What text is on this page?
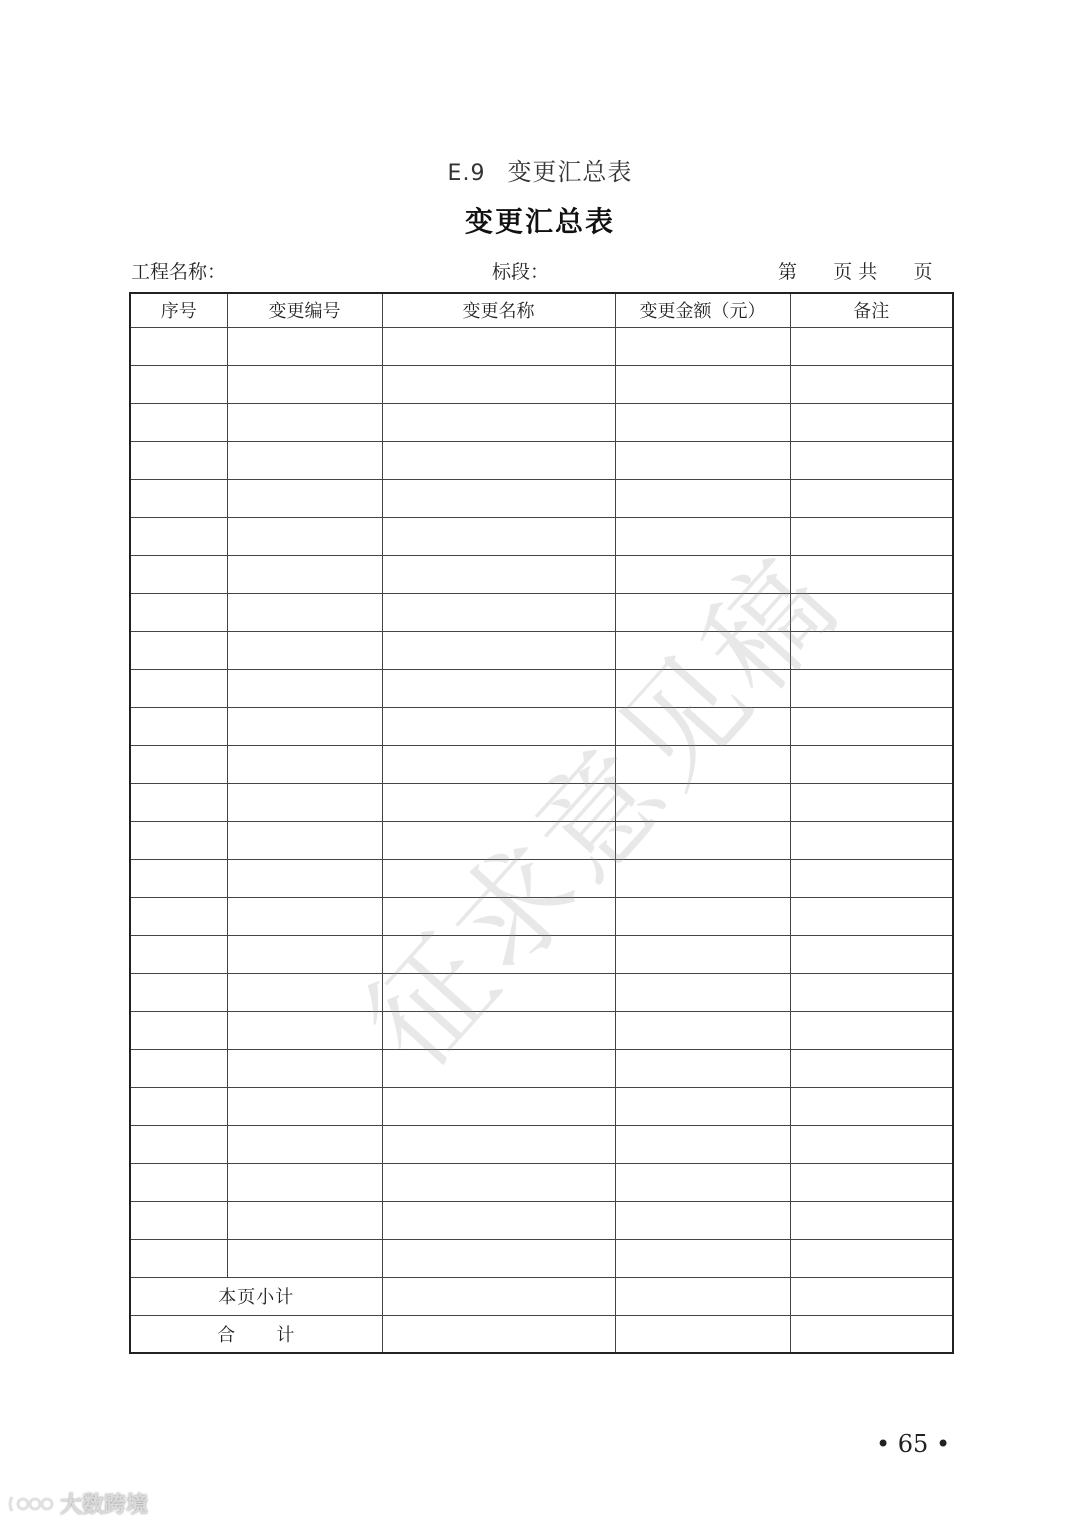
E.9 变更汇总表
变更汇总表
工程名称：	标段：	第      页 共      页
序号	变更编号	变更名称	变更金额（元）	备注

本页小计				
合      计				
征求意见稿
• 65 •
大数跨境
